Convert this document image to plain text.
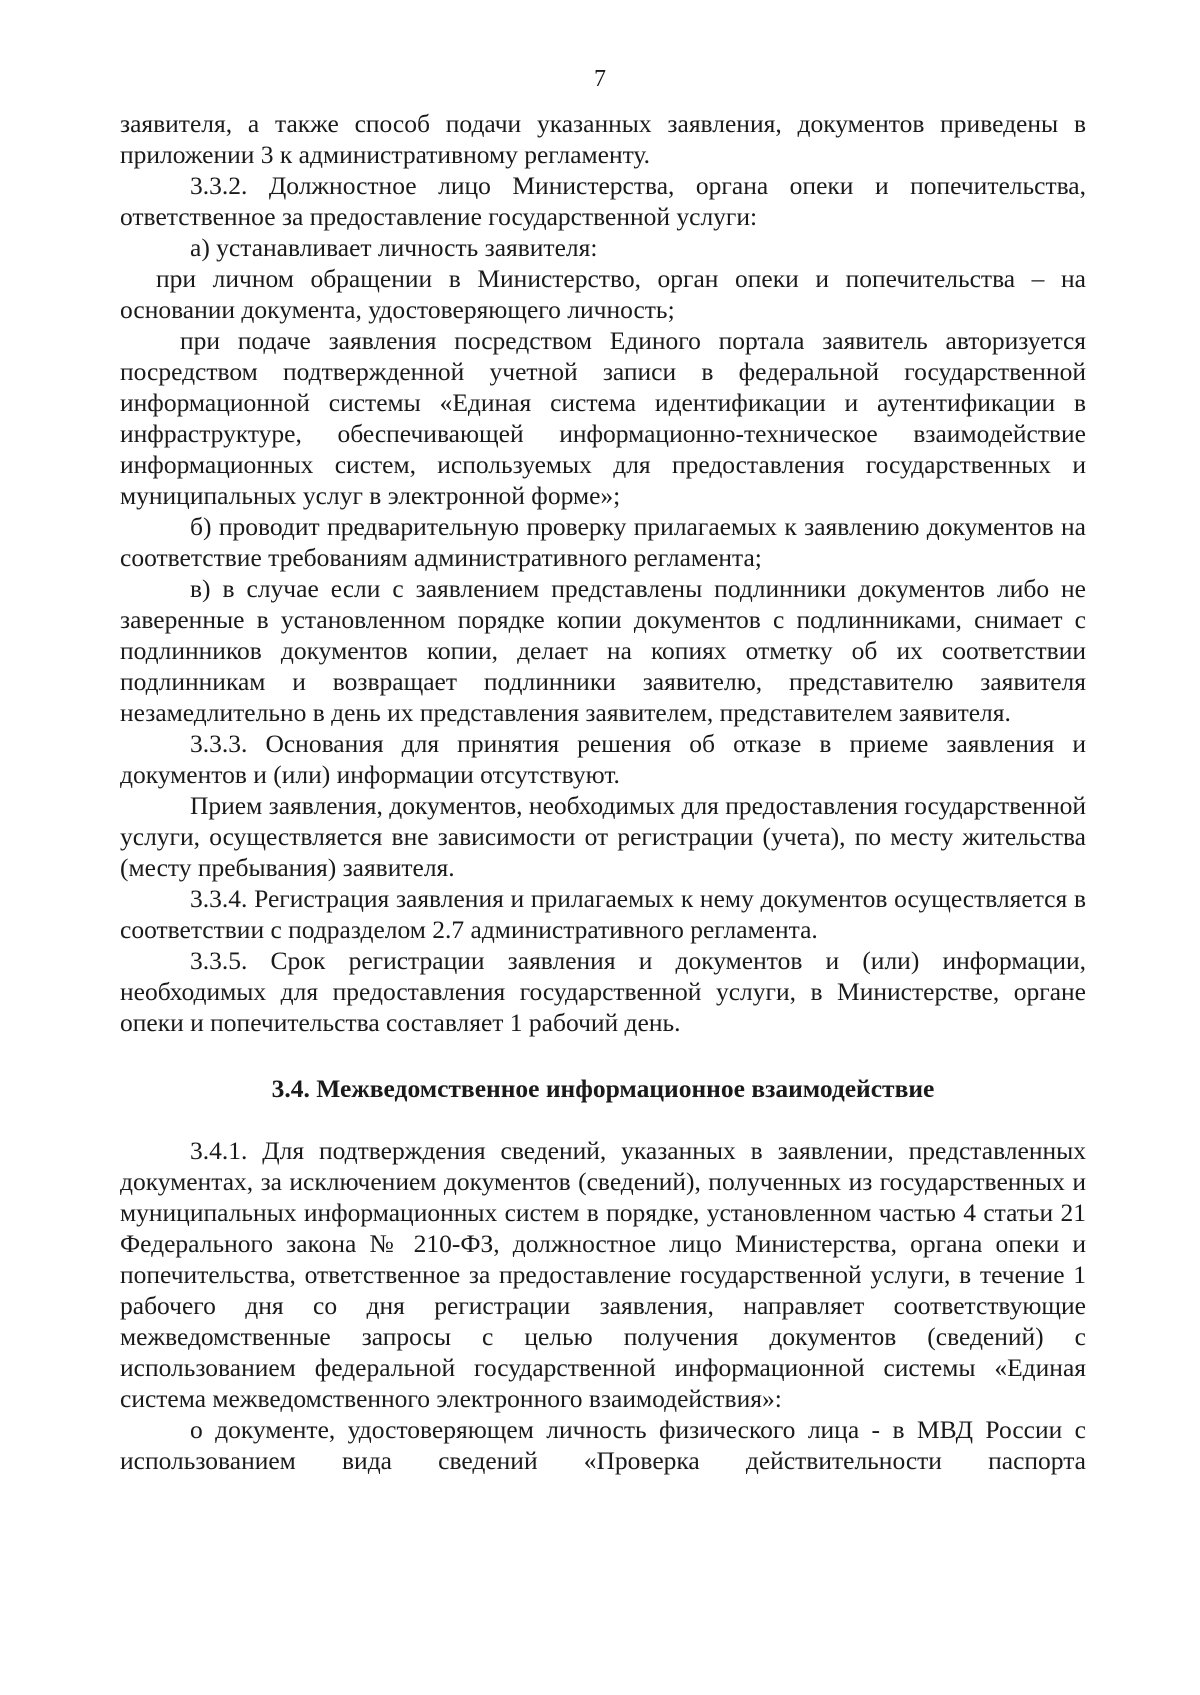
7

заявителя, а также способ подачи указанных заявления, документов приведены в приложении 3 к административному регламенту.

3.3.2. Должностное лицо Министерства, органа опеки и попечительства, ответственное за предоставление государственной услуги:

а) устанавливает личность заявителя:

при личном обращении в Министерство, орган опеки и попечительства – на основании документа, удостоверяющего личность;

при подаче заявления посредством Единого портала заявитель авторизуется посредством подтвержденной учетной записи в федеральной государственной информационной системы «Единая система идентификации и аутентификации в инфраструктуре, обеспечивающей информационно-техническое взаимодействие информационных систем, используемых для предоставления государственных и муниципальных услуг в электронной форме»;

б) проводит предварительную проверку прилагаемых к заявлению документов на соответствие требованиям административного регламента;

в) в случае если с заявлением представлены подлинники документов либо не заверенные в установленном порядке копии документов с подлинниками, снимает с подлинников документов копии, делает на копиях отметку об их соответствии подлинникам и возвращает подлинники заявителю, представителю заявителя незамедлительно в день их представления заявителем, представителем заявителя.

3.3.3. Основания для принятия решения об отказе в приеме заявления и документов и (или) информации отсутствуют.

Прием заявления, документов, необходимых для предоставления государственной услуги, осуществляется вне зависимости от регистрации (учета), по месту жительства (месту пребывания) заявителя.

3.3.4. Регистрация заявления и прилагаемых к нему документов осуществляется в соответствии с подразделом 2.7 административного регламента.

3.3.5. Срок регистрации заявления и документов и (или) информации, необходимых для предоставления государственной услуги, в Министерстве, органе опеки и попечительства составляет 1 рабочий день.

3.4. Межведомственное информационное взаимодействие

3.4.1. Для подтверждения сведений, указанных в заявлении, представленных документах, за исключением документов (сведений), полученных из государственных и муниципальных информационных систем в порядке, установленном частью 4 статьи 21 Федерального закона № 210-ФЗ, должностное лицо Министерства, органа опеки и попечительства, ответственное за предоставление государственной услуги, в течение 1 рабочего дня со дня регистрации заявления, направляет соответствующие межведомственные запросы с целью получения документов (сведений) с использованием федеральной государственной информационной системы «Единая система межведомственного электронного взаимодействия»:

о документе, удостоверяющем личность физического лица - в МВД России с использованием вида сведений «Проверка действительности паспорта
